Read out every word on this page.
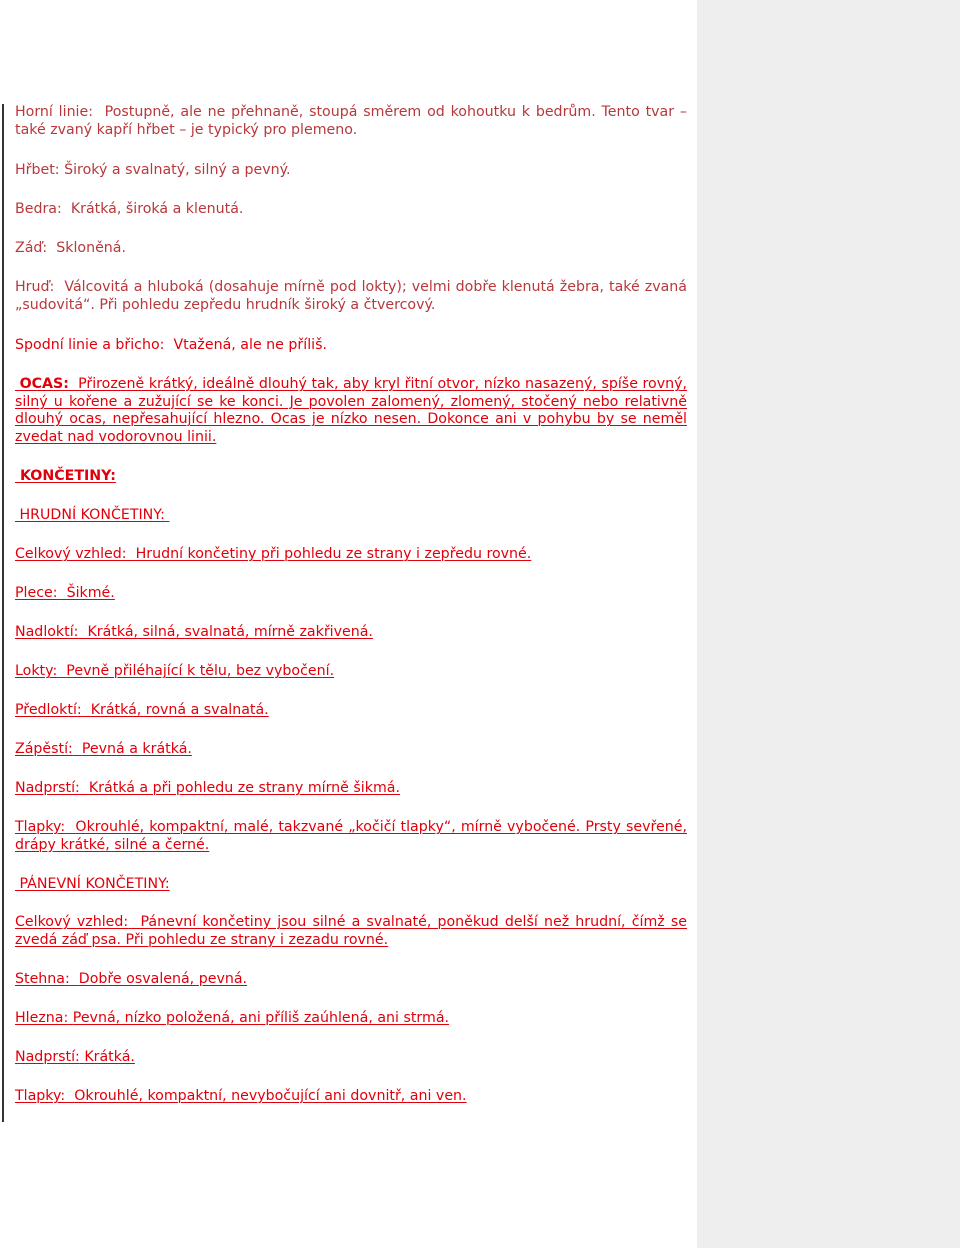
Horní linie: Postupně, ale ne přehnaně, stoupá směrem od kohoutku k bedrům. Tento tvar – také zvaný kapří hřbet – je typický pro plemeno.

Hřbet: Široký a svalnatý, silný a pevný.

Bedra: Krátká, široká a klenutá.

Záď: Skloněná.

Hruď: Válcovitá a hluboká (dosahuje mírně pod lokty); velmi dobře klenutá žebra, také zvaná „sudovitá“. Při pohledu zepředu hrudník široký a čtvercový.

Spodní linie a břicho: Vtažená, ale ne příliš.

OCAS: Přirozeně krátký, ideálně dlouhý tak, aby kryl řitní otvor, nízko nasazený, spíše rovný, silný u kořene a zužující se ke konci. Je povolen zalomený, zlomený, stočený nebo relativně dlouhý ocas, nepřesahující hlezno. Ocas je nízko nesen. Dokonce ani v pohybu by se neměl zvedat nad vodorovnou linii.

KONČETINY:

HRUDNÍ KONČETINY:

Celkový vzhled: Hrudní končetiny při pohledu ze strany i zepředu rovné.

Plece: Šikmé.

Nadloktí: Krátká, silná, svalnatá, mírně zakřivená.

Lokty: Pevně přiléhající k tělu, bez vybočení.

Předloktí: Krátká, rovná a svalnatá.

Zápěstí: Pevná a krátká.

Nadprstí: Krátká a při pohledu ze strany mírně šikmá.

Tlapky: Okrouhlé, kompaktní, malé, takzvané „kočičí tlapky“, mírně vybočené. Prsty sevřené, drápy krátké, silné a černé.

PÁNEVNÍ KONČETINY:

Celkový vzhled: Pánevní končetiny jsou silné a svalnaté, poněkud delší než hrudní, čímž se zvedá záď psa. Při pohledu ze strany i zezadu rovné.

Stehna: Dobře osvalená, pevná.

Hlezna: Pevná, nízko položená, ani příliš zaúhlená, ani strmá.

Nadprstí: Krátká.

Tlapky: Okrouhlé, kompaktní, nevybočující ani dovnitř, ani ven.
